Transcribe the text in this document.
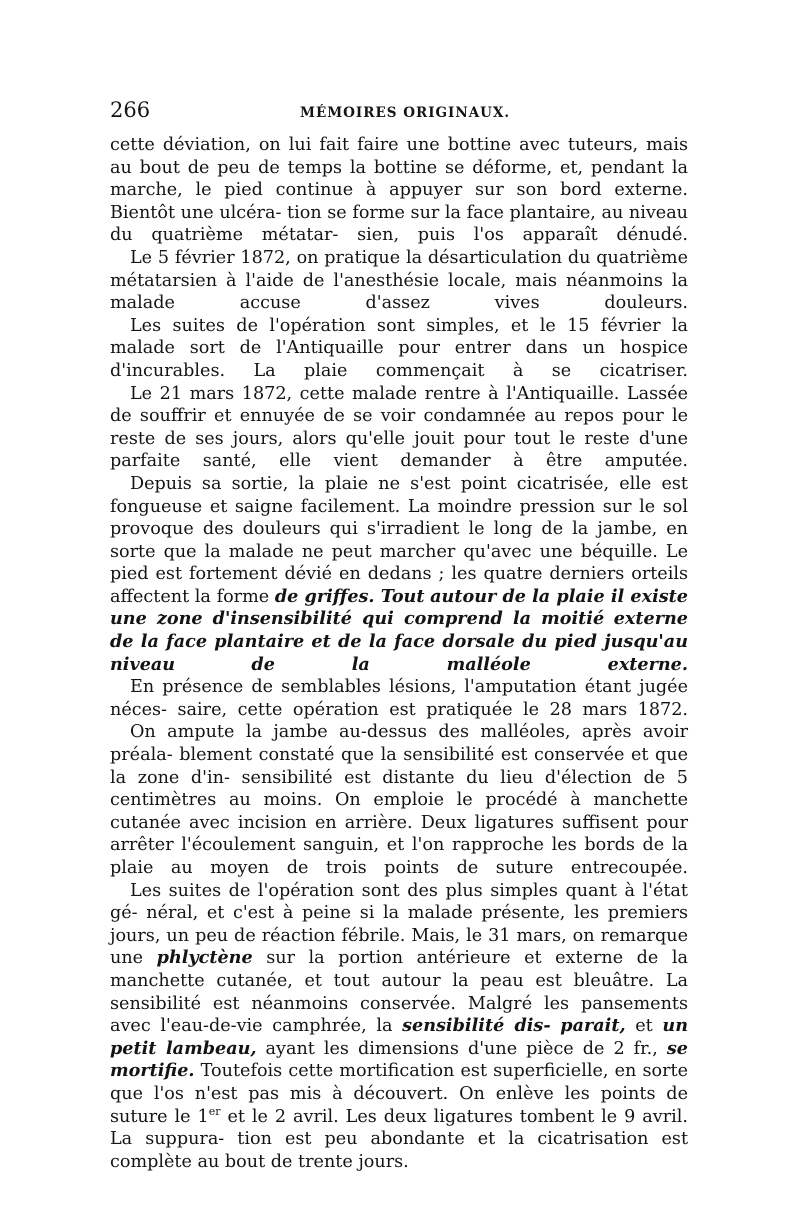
266	MÉMOIRES ORIGINAUX.

cette déviation, on lui fait faire une bottine avec tuteurs, mais au bout de peu de temps la bottine se déforme, et, pendant la marche, le pied continue à appuyer sur son bord externe. Bientôt une ulcéra- tion se forme sur la face plantaire, au niveau du quatrième métatar- sien, puis l'os apparaît dénudé.

Le 5 février 1872, on pratique la désarticulation du quatrième métatarsien à l'aide de l'anesthésie locale, mais néanmoins la malade	accuse d'assez vives douleurs.

Les suites de l'opération sont simples, et le 15 février la malade sort de l'Antiquaille pour entrer dans un hospice d'incurables. La plaie commençait à se cicatriser.

Le 21 mars 1872, cette malade rentre à l'Antiquaille. Lassée de souffrir et ennuyée de se voir condamnée au repos pour le reste de ses jours, alors qu'elle jouit pour tout le reste d'une parfaite santé, elle vient demander à être amputée.

Depuis sa sortie, la plaie ne s'est point cicatrisée, elle est fongueuse et saigne facilement. La moindre pression sur le sol provoque des douleurs qui s'irradient le long de la jambe, en sorte que la malade ne peut marcher qu'avec une béquille. Le pied est fortement dévié en dedans ; les quatre derniers orteils affectent la forme de griffes. Tout autour de la plaie il existe une zone d'insensibilité qui comprend la moitié externe de la face plantaire et de la face dorsale du pied jusqu'au niveau	de la malléole externe.

En présence de semblables lésions, l'amputation étant jugée néces- saire, cette opération est pratiquée le 28 mars 1872.

On ampute la jambe au-dessus des malléoles, après avoir préala- blement constaté que la sensibilité est conservée et que la zone d'in- sensibilité est distante du lieu d'élection de 5 centimètres au moins. On emploie le procédé à manchette cutanée avec incision en arrière. Deux ligatures suffisent pour arrêter l'écoulement sanguin, et l'on rapproche les bords de la plaie au moyen de trois points de suture entrecoupée.

Les suites de l'opération sont des plus simples quant à l'état gé- néral, et c'est à peine si la malade présente, les premiers jours, un peu de réaction fébrile. Mais, le 31 mars, on remarque une phlyctène sur la portion antérieure et externe de la manchette cutanée, et tout autour la peau est bleuâtre. La sensibilité est néanmoins conservée. Malgré les pansements avec l'eau-de-vie camphrée, la sensibilité dis- parait, et un petit lambeau, ayant les dimensions d'une pièce de 2 fr., se mortifie. Toutefois cette mortification est superficielle, en sorte que l'os n'est pas mis à découvert. On enlève les points de suture le 1er et le 2 avril. Les deux ligatures tombent le 9 avril. La suppura- tion est peu abondante et la cicatrisation est complète au bout de trente jours.
